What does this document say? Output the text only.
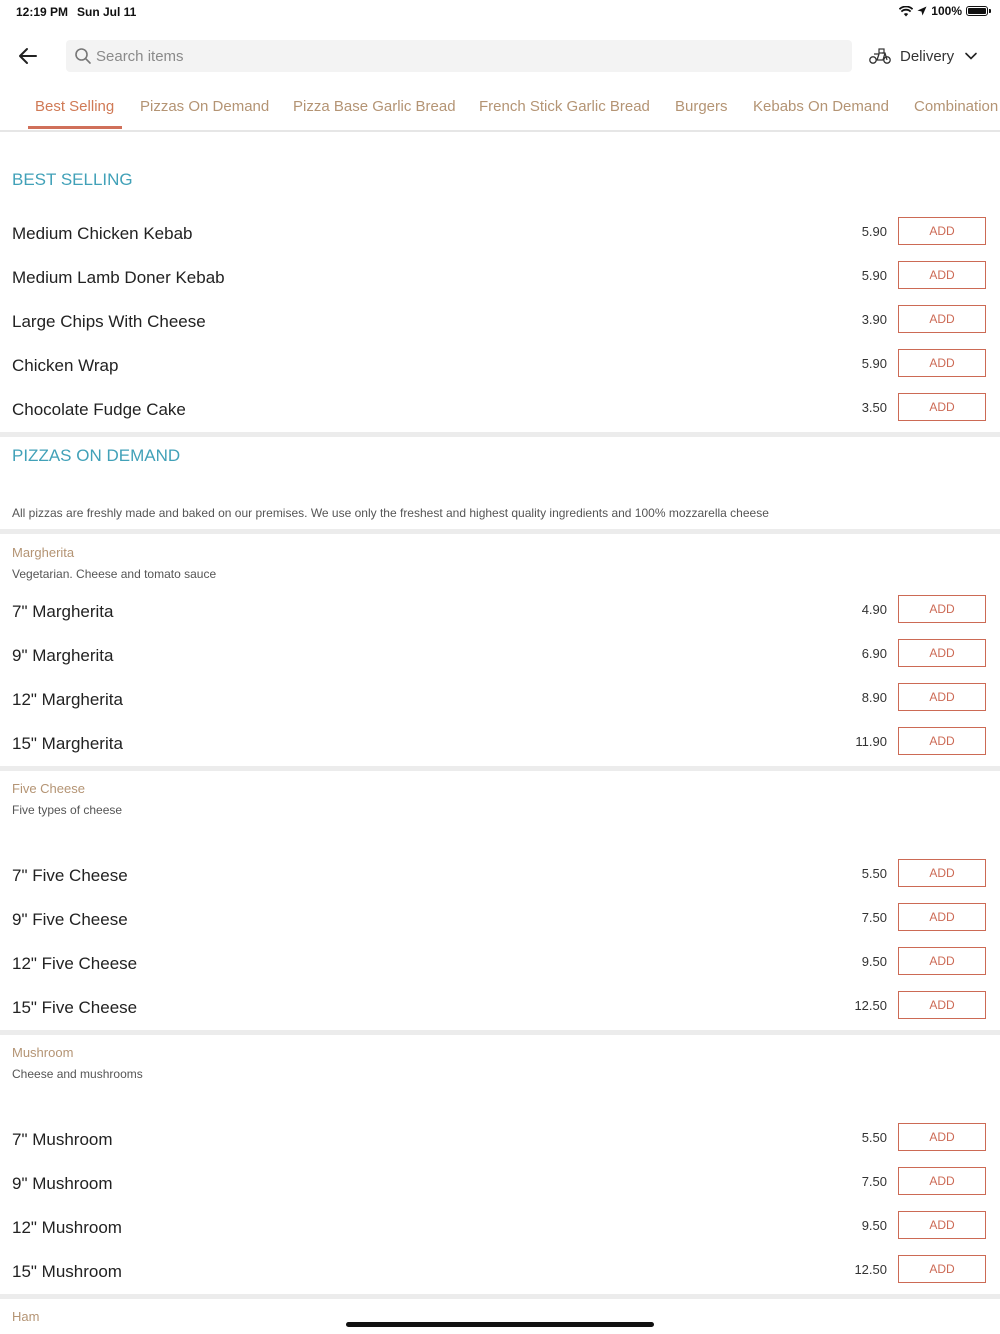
12:19 PM Sun Jul 11	100%
Search items
Delivery
Best Selling Pizzas On Demand Pizza Base Garlic Bread French Stick Garlic Bread Burgers Kebabs On Demand Combination
BEST SELLING
Medium Chicken Kebab	5.90	ADD
Medium Lamb Doner Kebab	5.90	ADD
Large Chips With Cheese	3.90	ADD
Chicken Wrap	5.90	ADD
Chocolate Fudge Cake	3.50	ADD
PIZZAS ON DEMAND
All pizzas are freshly made and baked on our premises. We use only the freshest and highest quality ingredients and 100% mozzarella cheese
Margherita
Vegetarian. Cheese and tomato sauce
7" Margherita	4.90	ADD
9" Margherita	6.90	ADD
12" Margherita	8.90	ADD
15" Margherita	11.90	ADD
Five Cheese
Five types of cheese
7" Five Cheese	5.50	ADD
9" Five Cheese	7.50	ADD
12" Five Cheese	9.50	ADD
15" Five Cheese	12.50	ADD
Mushroom
Cheese and mushrooms
7" Mushroom	5.50	ADD
9" Mushroom	7.50	ADD
12" Mushroom	9.50	ADD
15" Mushroom	12.50	ADD
Ham
